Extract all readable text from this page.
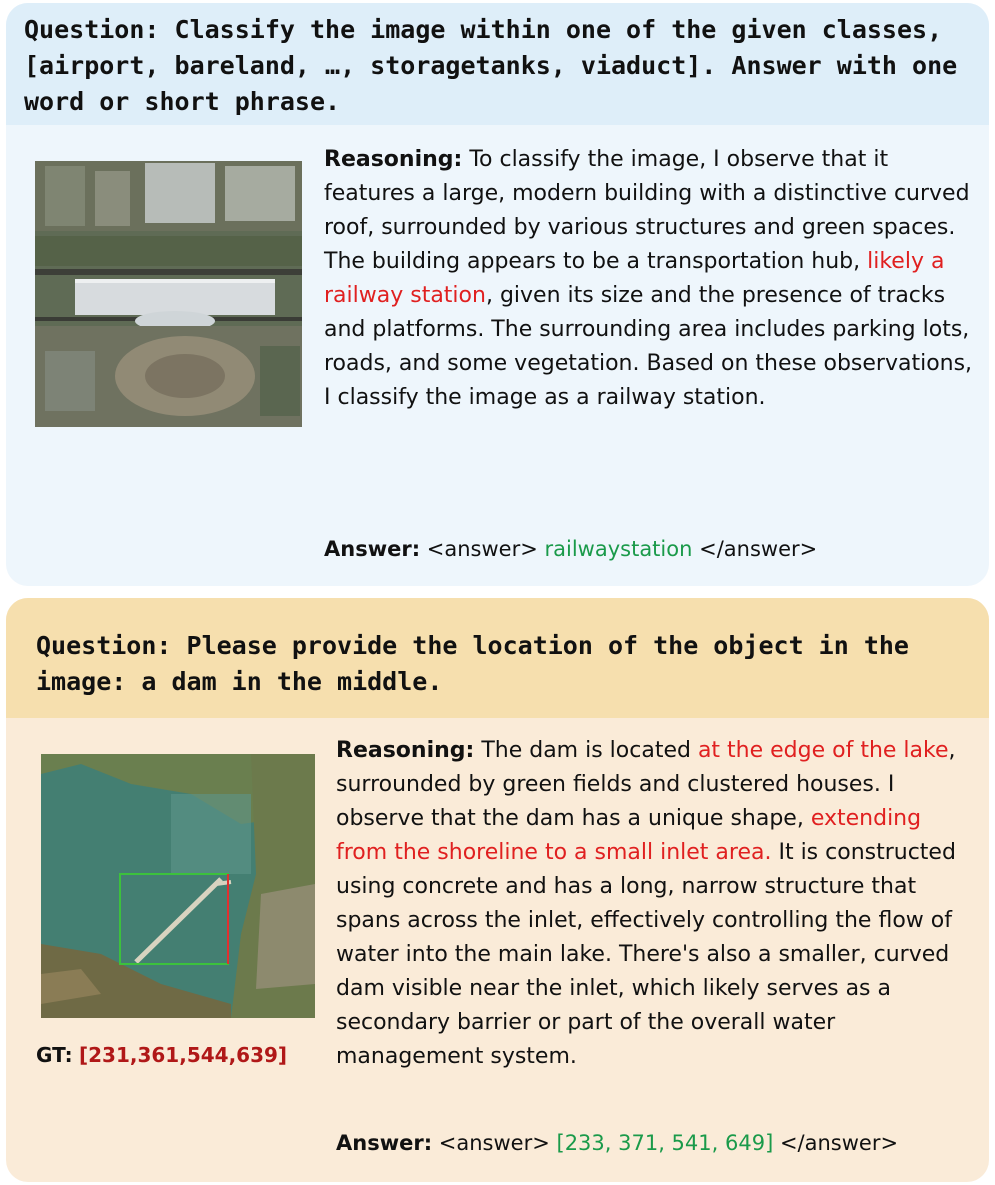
Question: Classify the image within one of the given classes, [airport, bareland, …, storagetanks, viaduct]. Answer with one word or short phrase.
Reasoning: To classify the image, I observe that it features a large, modern building with a distinctive curved roof, surrounded by various structures and green spaces. The building appears to be a transportation hub, likely a railway station, given its size and the presence of tracks and platforms. The surrounding area includes parking lots, roads, and some vegetation. Based on these observations, I classify the image as a railway station.
Answer: <answer> railwaystation </answer>
Question: Please provide the location of the object in the image: a dam in the middle.
GT: [231,361,544,639]
Reasoning: The dam is located at the edge of the lake, surrounded by green fields and clustered houses. I observe that the dam has a unique shape, extending from the shoreline to a small inlet area. It is constructed using concrete and has a long, narrow structure that spans across the inlet, effectively controlling the flow of water into the main lake. There's also a smaller, curved dam visible near the inlet, which likely serves as a secondary barrier or part of the overall water management system.
Answer: <answer> [233, 371, 541, 649] </answer>
